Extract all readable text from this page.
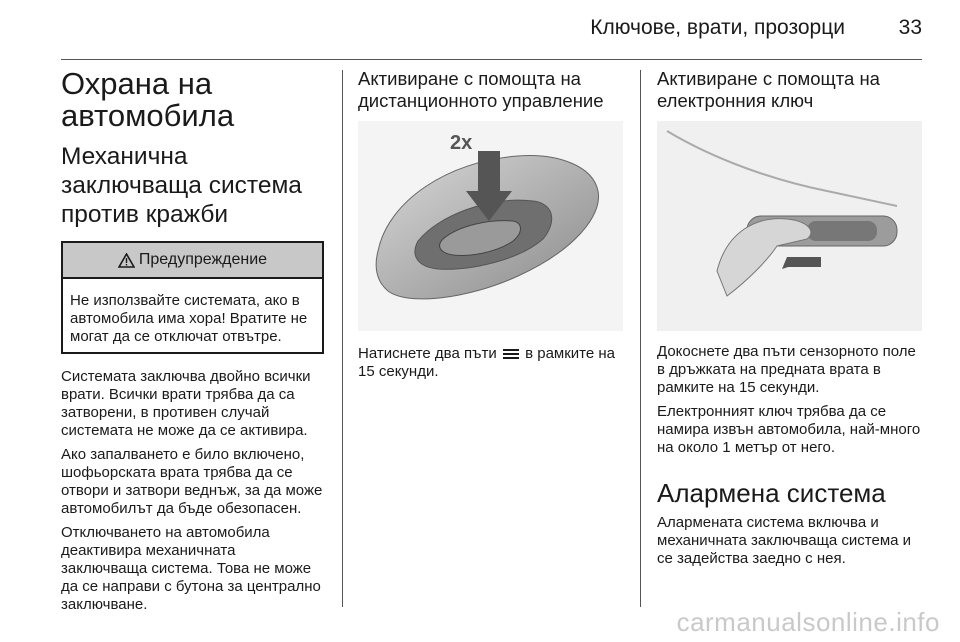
Ключове, врати, прозорци	33
Охрана на автомобила
Механична заключваща система против кражби
Предупреждение
Не използвайте системата, ако в автомобила има хора! Вратите не могат да се отключат отвътре.

Системата заключва двойно всички врати. Всички врати трябва да са затворени, в противен случай системата не може да се активира.

Ако запалването е било включено, шофьорската врата трябва да се отвори и затвори веднъж, за да може автомобилът да бъде обезопасен.

Отключването на автомобила деактивира механичната заключваща система. Това не може да се направи с бутона за централно заключване.

Активиране с помощта на дистанционното управление
2x
Натиснете два пъти в рамките на 15 секунди.
Активиране с помощта на електронния ключ

Докоснете два пъти сензорното поле в дръжката на предната врата в рамките на 15 секунди.

Електронният ключ трябва да се намира извън автомобила, най-много на около 1 метър от него.

Алармена система

Алармената система включва и механичната заключваща система и се задейства заедно с нея.

carmanualsonline.info
